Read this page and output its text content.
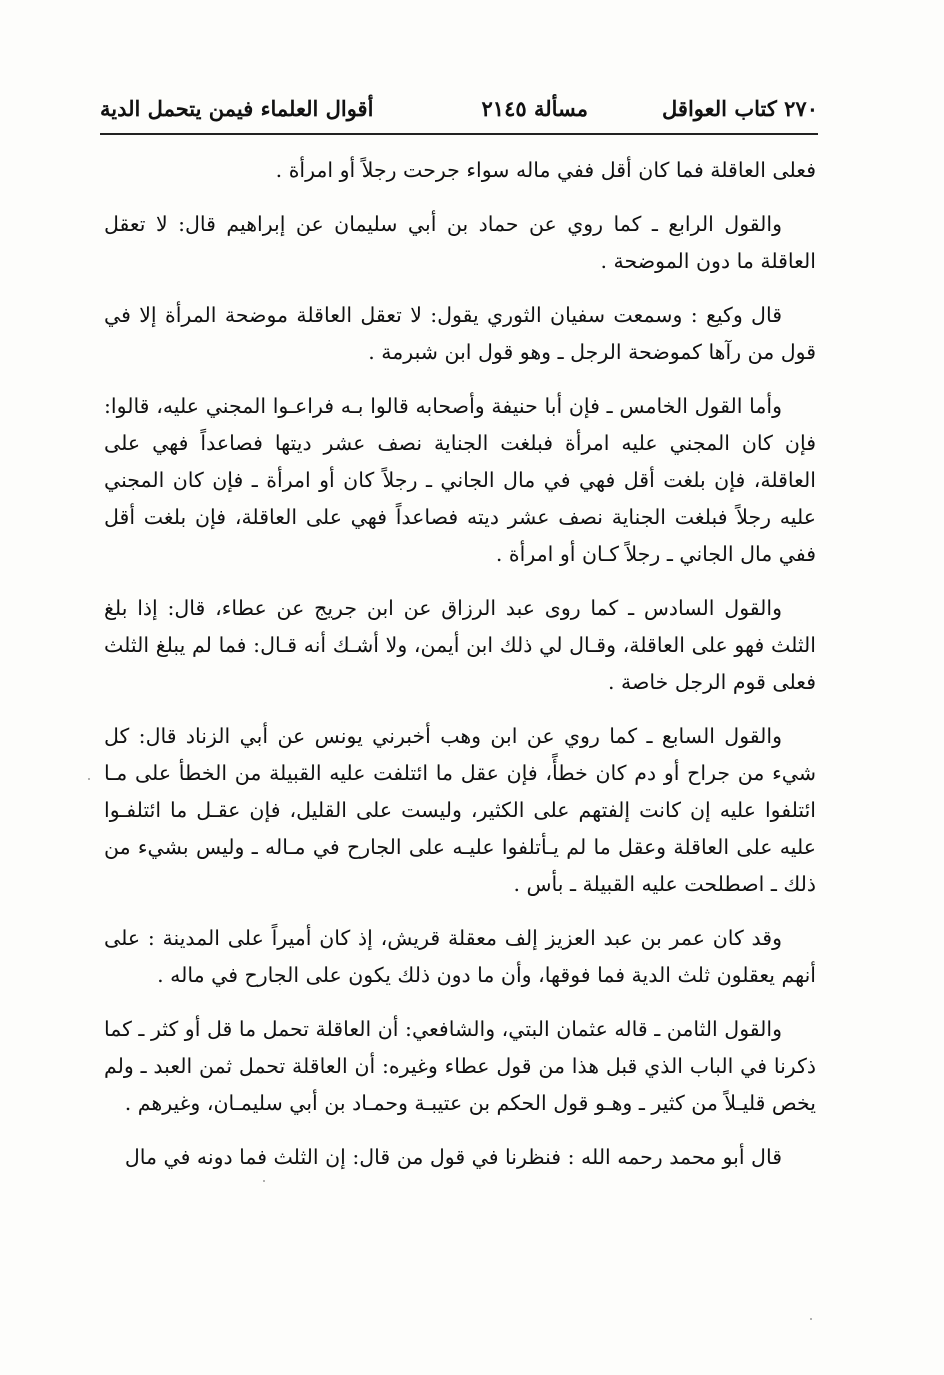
٢٧٠ كتاب العواقل
مسألة ٢١٤٥
أقوال العلماء فيمن يتحمل الدية

فعلى العاقلة فما كان أقل ففي ماله سواء جرحت رجلاً أو امرأة .

والقول الرابع ـ كما روي عن حماد بن أبي سليمان عن إبراهيم قال: لا تعقل العاقلة ما دون الموضحة .

قال وكيع : وسمعت سفيان الثوري يقول: لا تعقل العاقلة موضحة المرأة إلا في قول من رآها كموضحة الرجل ـ وهو قول ابن شبرمة .

وأما القول الخامس ـ فإن أبا حنيفة وأصحابه قالوا بـه فراعـوا المجني عليه، قالوا: فإن كان المجني عليه امرأة فبلغت الجناية نصف عشر ديتها فصاعداً فهي على العاقلة، فإن بلغت أقل فهي في مال الجاني ـ رجلاً كان أو امرأة ـ فإن كان المجني عليه رجلاً فبلغت الجناية نصف عشر ديته فصاعداً فهي على العاقلة، فإن بلغت أقل ففي مال الجاني ـ رجلاً كـان أو امرأة .

والقول السادس ـ كما روى عبد الرزاق عن ابن جريج عن عطاء، قال: إذا بلغ الثلث فهو على العاقلة، وقـال لي ذلك ابن أيمن، ولا أشـك أنه قـال: فما لم يبلغ الثلث فعلى قوم الرجل خاصة .

والقول السابع ـ كما روي عن ابن وهب أخبرني يونس عن أبي الزناد قال: كل شيء من جراح أو دم كان خطأً، فإن عقل ما ائتلفت عليه القبيلة من الخطأ على مـا ائتلفوا عليه إن كانت إلفتهم على الكثير، وليست على القليل، فإن عقـل ما ائتلفـوا عليه على العاقلة وعقل ما لم يـأتلفوا عليـه على الجارح في مـاله ـ وليس بشيء من ذلك ـ اصطلحت عليه القبيلة ـ بأس .

وقد كان عمر بن عبد العزيز إلف معقلة قريش، إذ كان أميراً على المدينة : على أنهم يعقلون ثلث الدية فما فوقها، وأن ما دون ذلك يكون على الجارح في ماله .

والقول الثامن ـ قاله عثمان البتي، والشافعي: أن العاقلة تحمل ما قل أو كثر ـ كما ذكرنا في الباب الذي قبل هذا من قول عطاء وغيره: أن العاقلة تحمل ثمن العبد ـ ولم يخص قليـلاً من كثير ـ وهـو قول الحكم بن عتيبـة وحمـاد بن أبي سليمـان، وغيرهم .

قال أبو محمد رحمه الله : فنظرنا في قول من قال: إن الثلث فما دونه في مال
